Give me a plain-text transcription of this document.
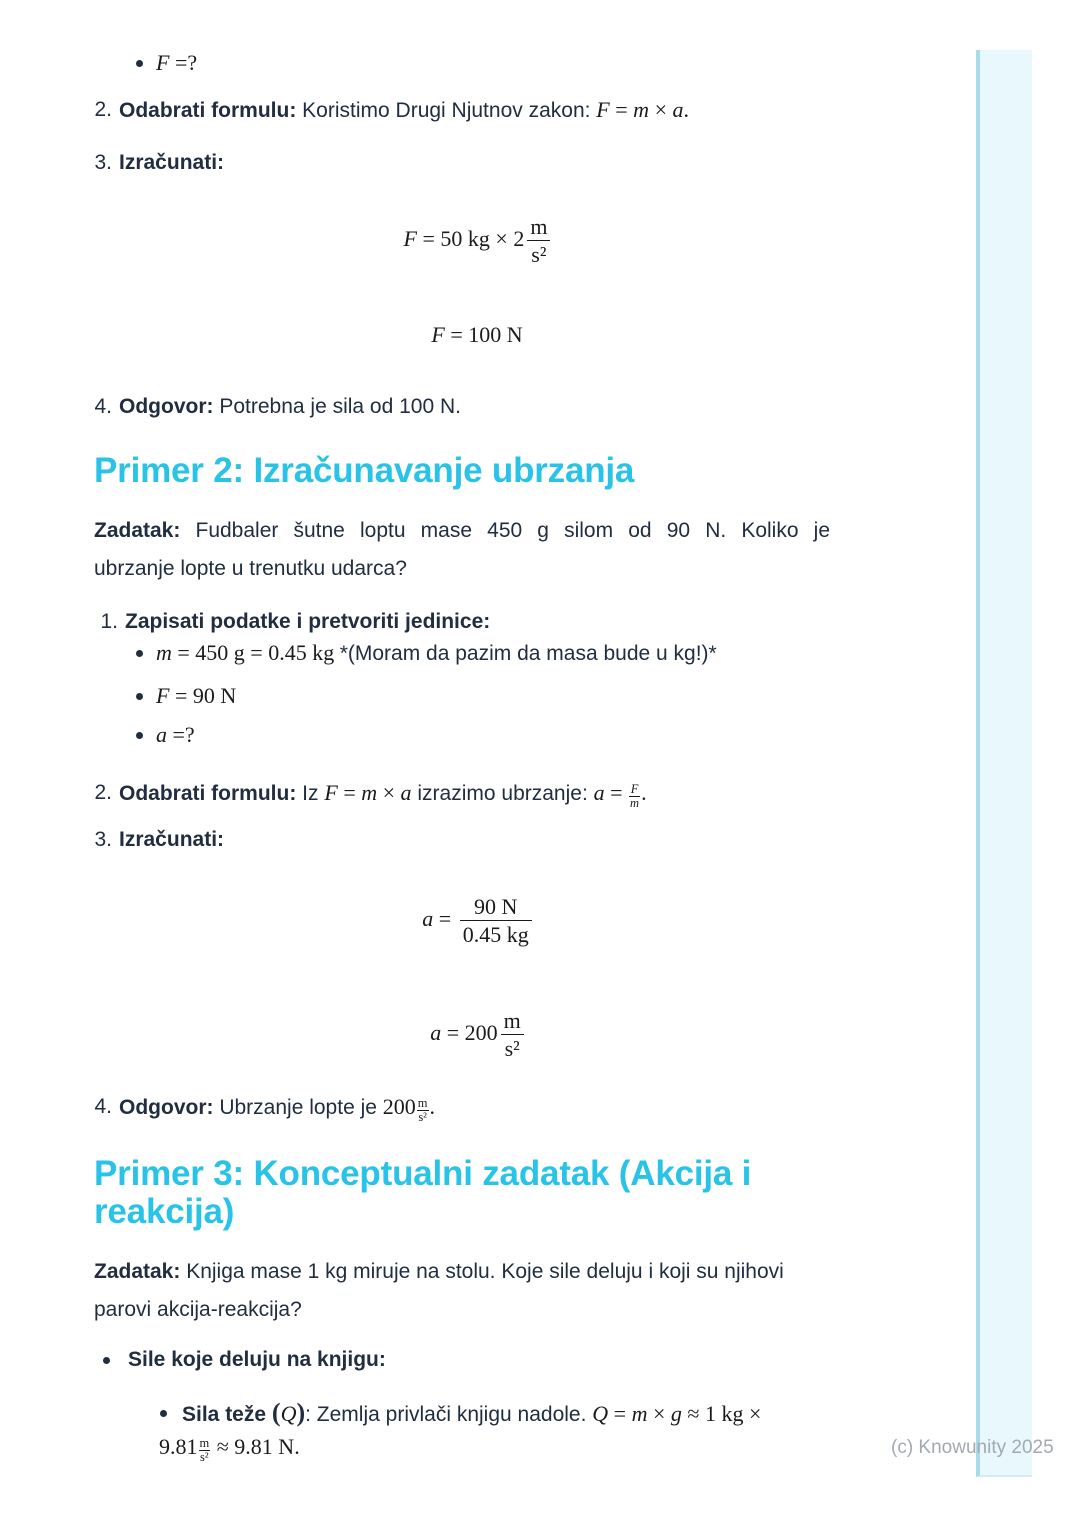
F =?
2. Odabrati formulu: Koristimo Drugi Njutnov zakon: F = m × a.
3. Izračunati:
F = 50 kg × $2 \frac{m}{\text{s²}}$
F = 100 N
4. Odgovor: Potrebna je sila od 100 N.
Primer 2: Izračunavanje ubrzanja
Zadatak: Fudbaler šutne loptu mase 450 g silom od 90 N. Koliko je
ubrzanje lopte u trenutku udarca?
1. Zapisati podatke i pretvoriti jedinice:
m = 450 g = 0.45 kg *(Moram da pazim da masa bude u kg!)*
F = 90 N
a =?
2. Odabrati formulu: Iz F = m × a izrazimo ubrzanje: $a = \frac{F}{m}$ .
3. Izračunati:
$a = \frac{90 N}{0.45 kg}$
$a = 200 \frac{m}{\text{s²}}$
4. Odgovor: Ubrzanje lopte je $200 \frac{m}{\text{s²}}$ .
Primer 3: Konceptualni zadatak (Akcija i
reakcija)
Zadatak: Knjiga mase 1 kg miruje na stolu. Koje sile deluju i koji su njihovi
parovi akcija-reakcija?
Sile koje deluju na knjigu:
Sila teže (Q): Zemlja privlači knjigu nadole. Q = m × g ≈ 1 kg ×
$9.81 \frac{m}{\text{s²}} \approx 9.81$ N.	(c) Knowunity 2025
